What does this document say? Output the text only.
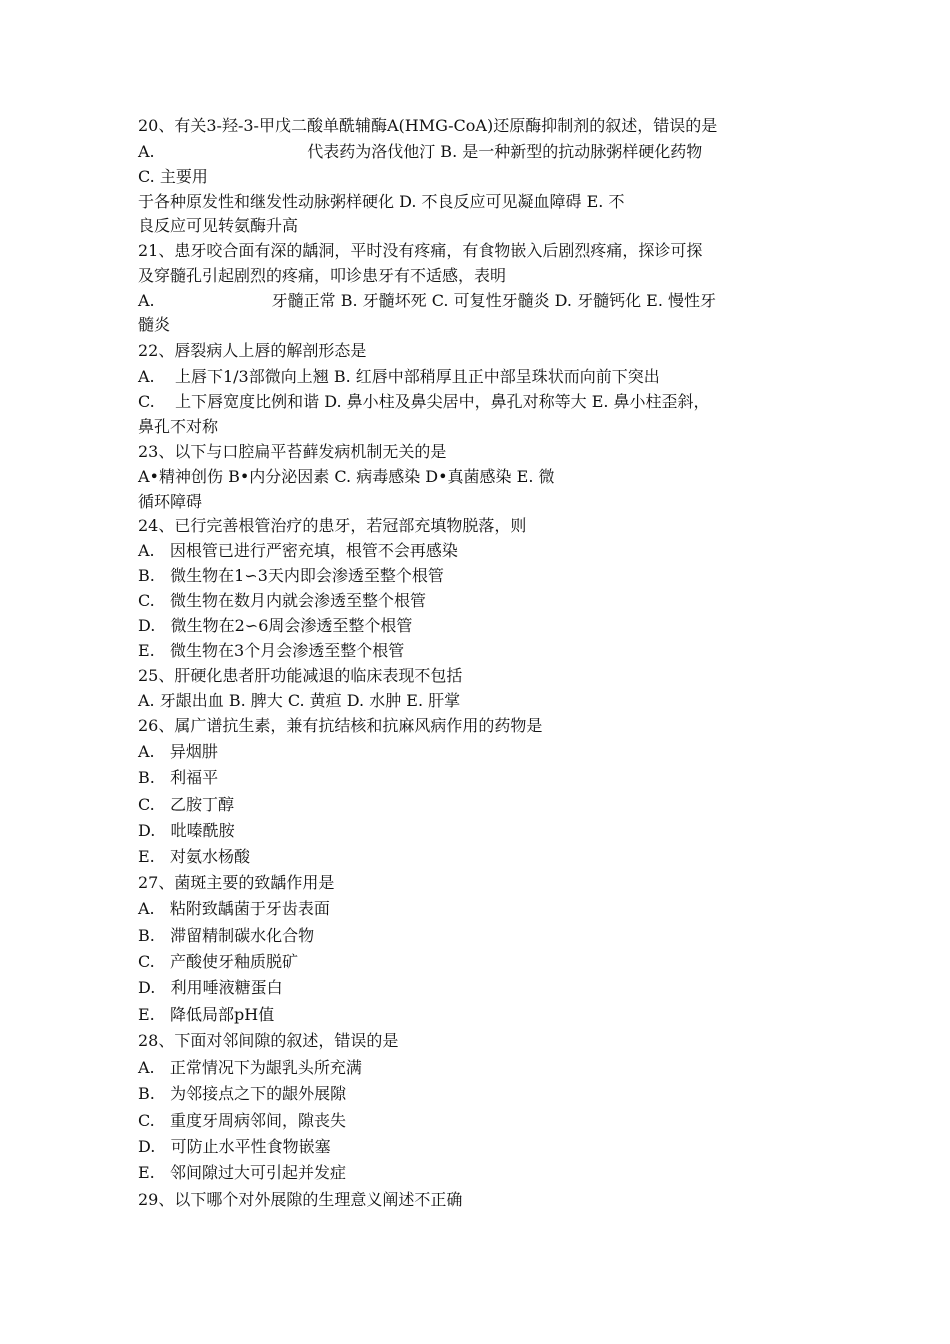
20、有关3-羟-3-甲戊二酸单酰辅酶A(HMG-CoA)还原酶抑制剂的叙述，错误的是
A.                              代表药为洛伐他汀 B. 是一种新型的抗动脉粥样硬化药物
C. 主要用
于各种原发性和继发性动脉粥样硬化 D. 不良反应可见凝血障碍 E. 不
良反应可见转氨酶升高
21、患牙咬合面有深的龋洞，平时没有疼痛，有食物嵌入后剧烈疼痛，探诊可探
及穿髓孔引起剧烈的疼痛，叩诊患牙有不适感，表明
A.                       牙髓正常 B. 牙髓坏死 C. 可复性牙髓炎 D. 牙髓钙化 E. 慢性牙
髓炎
22、唇裂病人上唇的解剖形态是
A.    上唇下1/3部微向上翘 B. 红唇中部稍厚且正中部呈珠状而向前下突出
C.    上下唇宽度比例和谐 D. 鼻小柱及鼻尖居中，鼻孔对称等大 E. 鼻小柱歪斜，
鼻孔不对称
23、以下与口腔扁平苔藓发病机制无关的是
A•精神创伤 B•内分泌因素 C. 病毒感染 D•真菌感染 E. 微
循环障碍
24、已行完善根管治疗的患牙，若冠部充填物脱落，则
A.   因根管已进行严密充填，根管不会再感染
B.   微生物在1∽3天内即会渗透至整个根管
C.   微生物在数月内就会渗透至整个根管
D.   微生物在2∽6周会渗透至整个根管
E.   微生物在3个月会渗透至整个根管
25、肝硬化患者肝功能减退的临床表现不包括
A. 牙龈出血 B. 脾大 C. 黄疸 D. 水肿 E. 肝掌
26、属广谱抗生素，兼有抗结核和抗麻风病作用的药物是
A.   异烟肼
B.   利福平
C.   乙胺丁醇
D.   吡嗪酰胺
E.   对氨水杨酸
27、菌斑主要的致龋作用是
A.   粘附致龋菌于牙齿表面
B.   滞留精制碳水化合物
C.   产酸使牙釉质脱矿
D.   利用唾液糖蛋白
E.   降低局部pH值
28、下面对邻间隙的叙述，错误的是
A.   正常情况下为龈乳头所充满
B.   为邻接点之下的龈外展隙
C.   重度牙周病邻间，隙丧失
D.   可防止水平性食物嵌塞
E.   邻间隙过大可引起并发症
29、以下哪个对外展隙的生理意义阐述不正确
